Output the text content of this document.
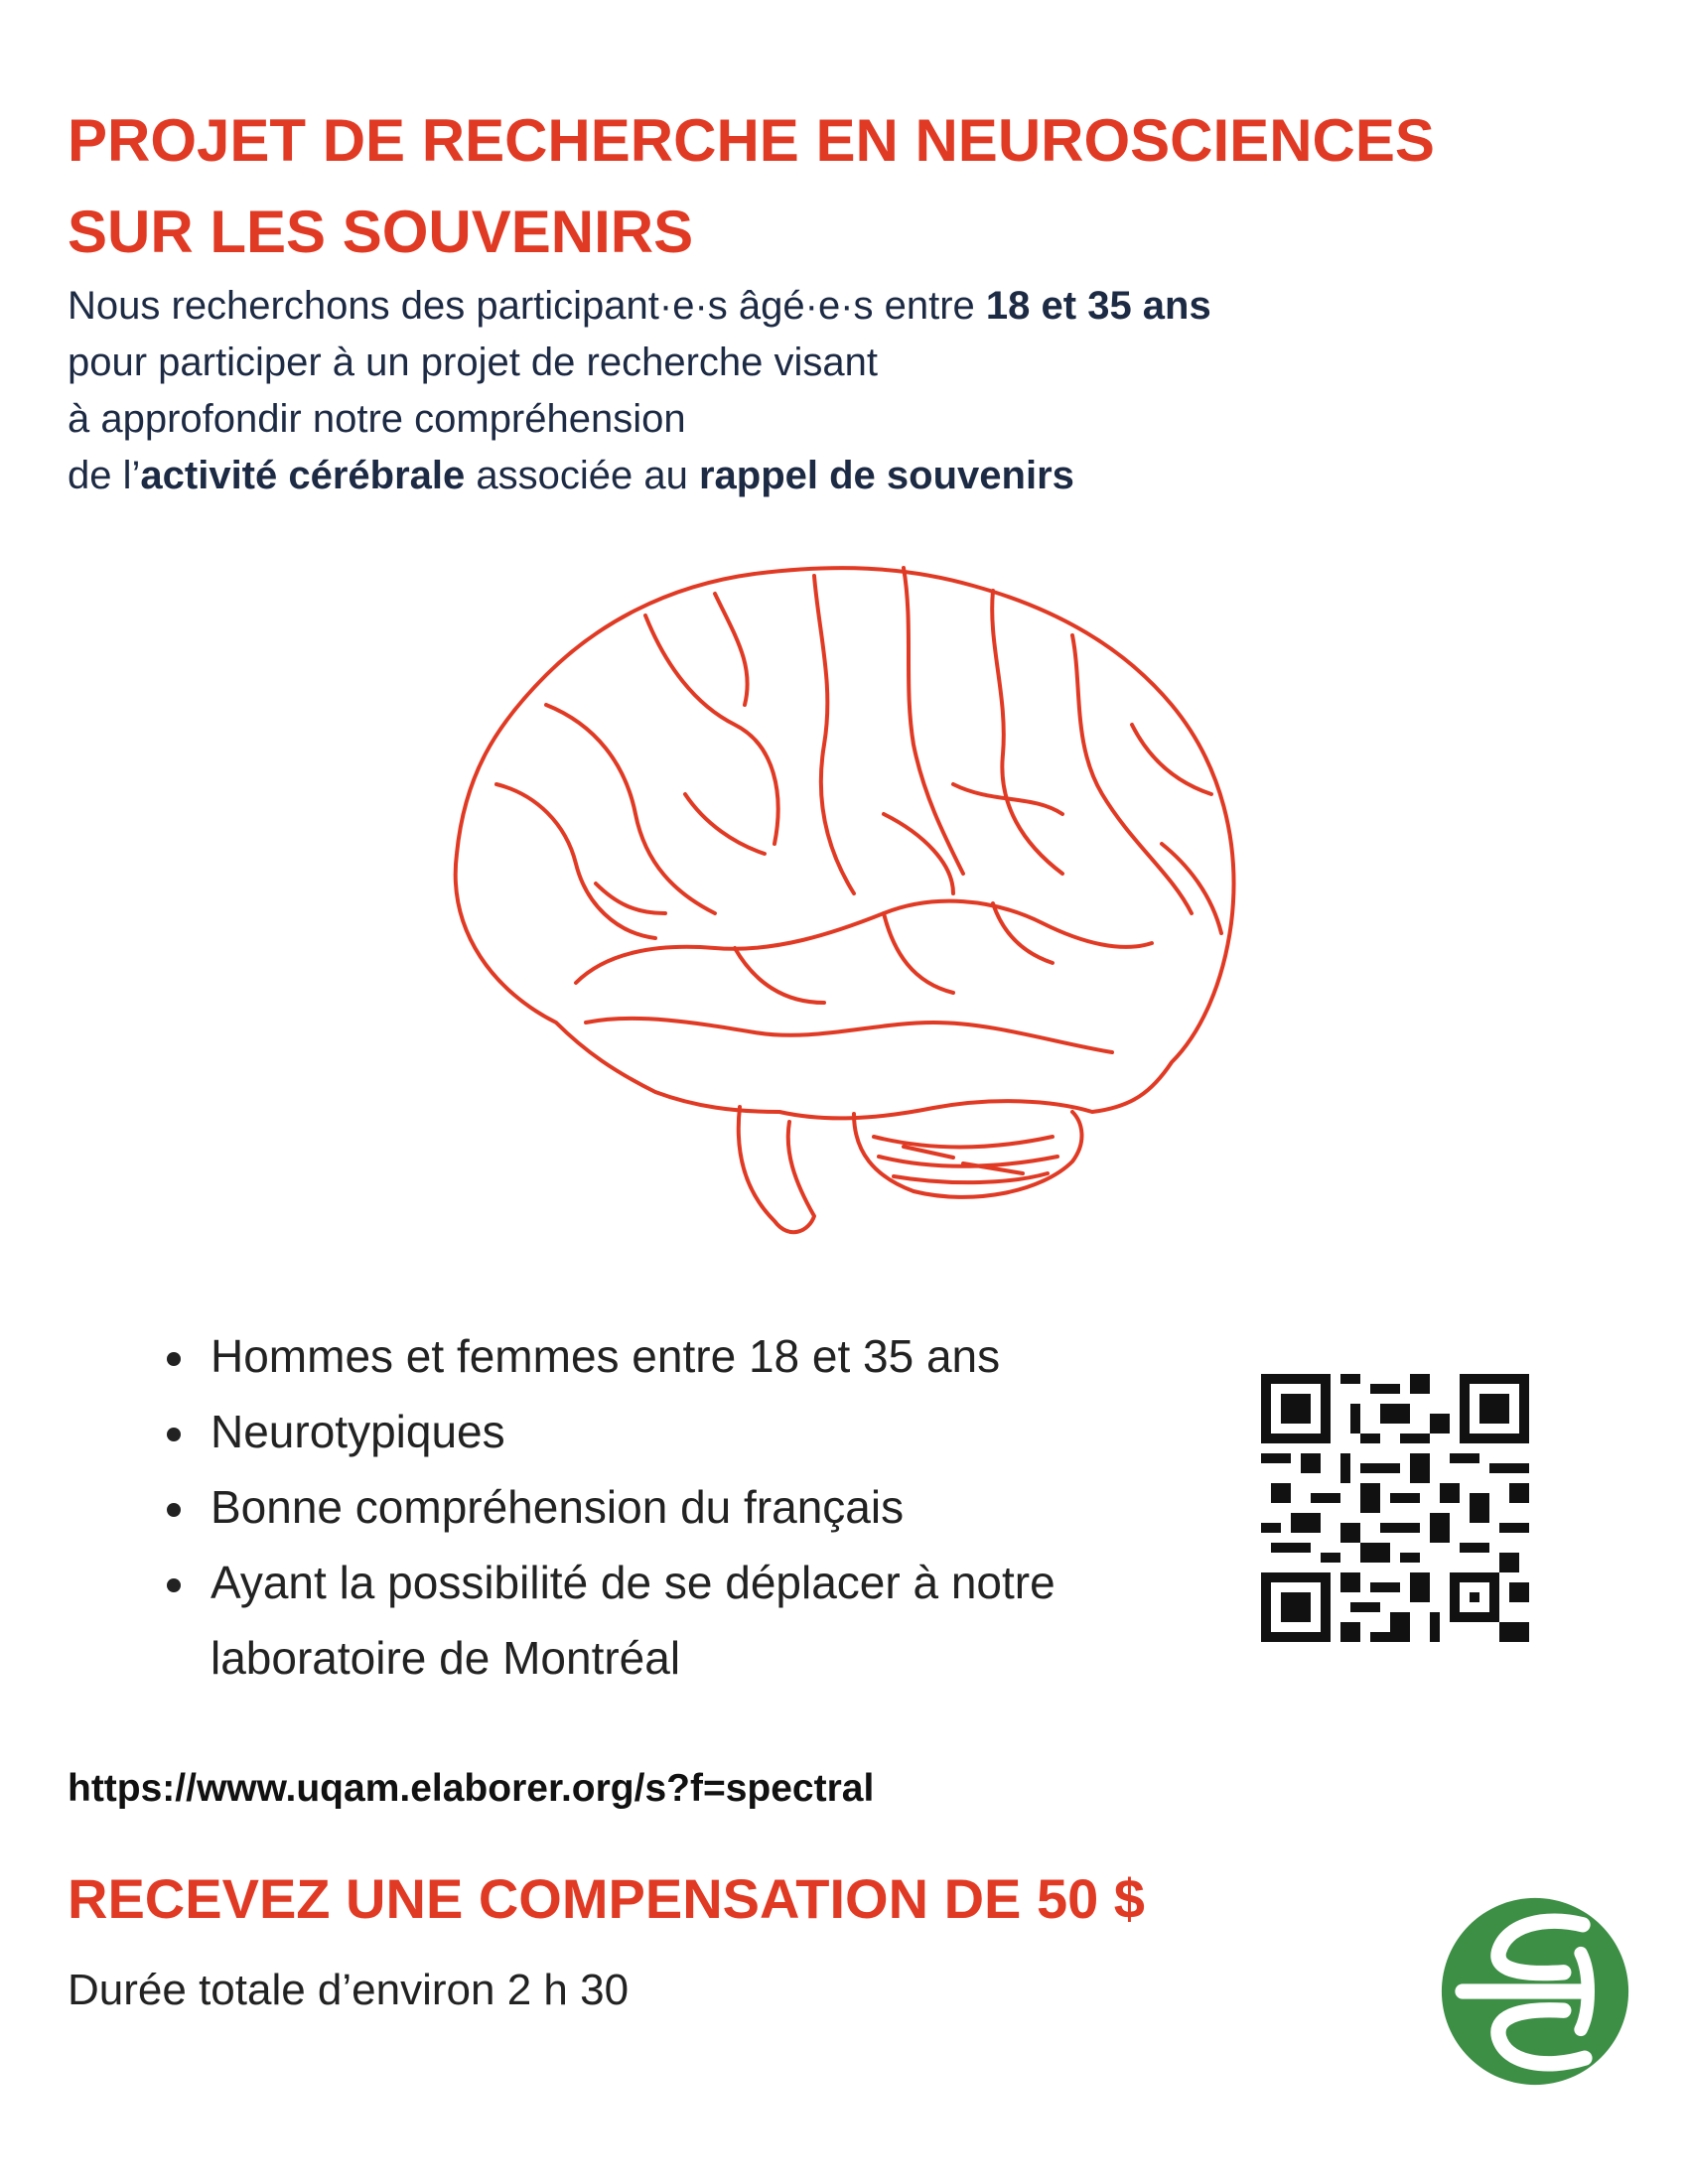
PROJET DE RECHERCHE EN NEUROSCIENCES
SUR LES SOUVENIRS
Nous recherchons des participant·e·s âgé·e·s entre 18 et 35 ans
pour participer à un projet de recherche visant
à approfondir notre compréhension
de l’activité cérébrale associée au rappel de souvenirs
Hommes et femmes entre 18 et 35 ans
Neurotypiques
Bonne compréhension du français
Ayant la possibilité de se déplacer à notre laboratoire de Montréal
https://www.uqam.elaborer.org/s?f=spectral
RECEVEZ UNE COMPENSATION DE 50 $
Durée totale d’environ 2 h 30
